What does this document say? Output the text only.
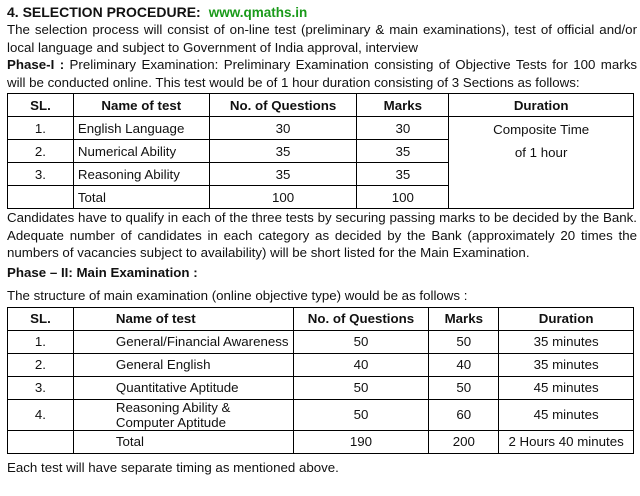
4. SELECTION PROCEDURE: www.qmaths.in

The selection process will consist of on-line test (preliminary & main examinations), test of official and/or local language and subject to Government of India approval, interview

Phase-I : Preliminary Examination: Preliminary Examination consisting of Objective Tests for 100 marks will be conducted online. This test would be of 1 hour duration consisting of 3 Sections as follows:

SL.	Name of test	No. of Questions	Marks	Duration
1.	English Language	30	30	Composite Time
of 1 hour

2.	Numerical Ability	35	35	
3.	Reasoning Ability	35	35	
	Total	100	100	

Candidates have to qualify in each of the three tests by securing passing marks to be decided by the Bank. Adequate number of candidates in each category as decided by the Bank (approximately 20 times the numbers of vacancies subject to availability) will be short listed for the Main Examination.

Phase – II: Main Examination :

The structure of main examination (online objective type) would be as follows :

SL.	Name of test	No. of Questions	Marks	Duration
1.	General/Financial Awareness	50	50	35 minutes
2.	General English	40	40	35 minutes
3.	Quantitative Aptitude	50	50	45 minutes
4.	Reasoning Ability & Computer Aptitude	50	60	45 minutes
	Total	190	200	2 Hours 40 minutes

Each test will have separate timing as mentioned above.
